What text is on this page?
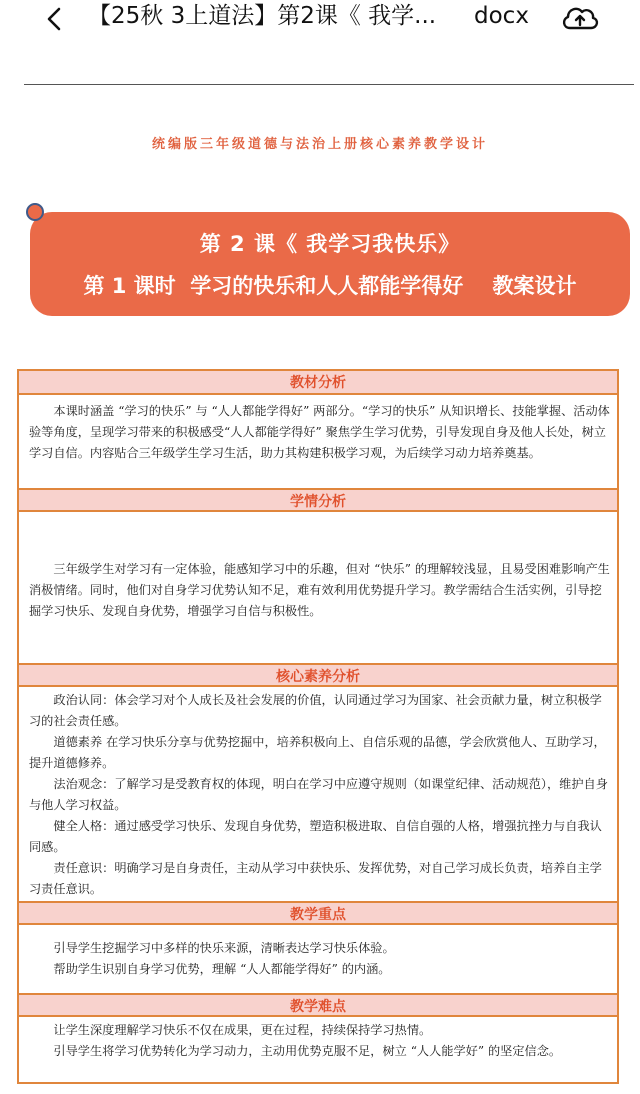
【25秋 3上道法】第2课《 我学...	docx
统编版三年级道德与法治上册核心素养教学设计
第 2 课《 我学习我快乐》
第 1 课时  学习的快乐和人人都能学得好    教案设计
教材分析

本课时涵盖 “学习的快乐” 与 “人人都能学得好” 两部分。“学习的快乐” 从知识增长、技能掌握、活动体验等角度，呈现学习带来的积极感受“人人都能学得好” 聚焦学生学习优势，引导发现自身及他人长处，树立学习自信。内容贴合三年级学生学习生活，助力其构建积极学习观，为后续学习动力培养奠基。

学情分析

三年级学生对学习有一定体验，能感知学习中的乐趣，但对 “快乐” 的理解较浅显，且易受困难影响产生消极情绪。同时，他们对自身学习优势认知不足，难有效利用优势提升学习。教学需结合生活实例，引导挖掘学习快乐、发现自身优势，增强学习自信与积极性。

核心素养分析

政治认同：体会学习对个人成长及社会发展的价值，认同通过学习为国家、社会贡献力量，树立积极学习的社会责任感。

道德素养 在学习快乐分享与优势挖掘中，培养积极向上、自信乐观的品德，学会欣赏他人、互助学习，提升道德修养。

法治观念：了解学习是受教育权的体现，明白在学习中应遵守规则（如课堂纪律、活动规范），维护自身与他人学习权益。

健全人格：通过感受学习快乐、发现自身优势，塑造积极进取、自信自强的人格，增强抗挫力与自我认同感。

责任意识：明确学习是自身责任，主动从学习中获快乐、发挥优势，对自己学习成长负责，培养自主学习责任意识。

教学重点

引导学生挖掘学习中多样的快乐来源，清晰表达学习快乐体验。

帮助学生识别自身学习优势，理解 “人人都能学得好” 的内涵。

教学难点

让学生深度理解学习快乐不仅在成果，更在过程，持续保持学习热情。

引导学生将学习优势转化为学习动力，主动用优势克服不足，树立 “人人能学好” 的坚定信念。
